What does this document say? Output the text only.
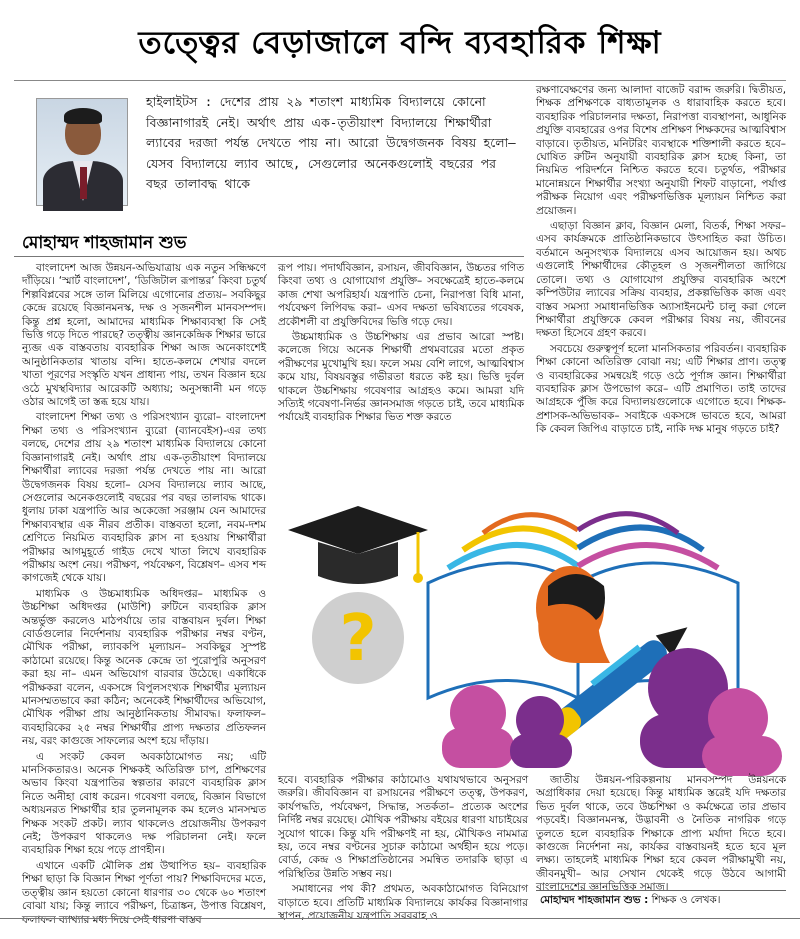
তত্ত্বের বেড়াজালে বন্দি ব্যবহারিক শিক্ষা
হাইলাইটস : দেশের প্রায় ২৯ শতাংশ মাধ্যমিক বিদ্যালয়ে কোনো বিজ্ঞানাগারই নেই। অর্থাৎ প্রায় এক-তৃতীয়াংশ বিদ্যালয়ে শিক্ষার্থীরা ল্যাবের দরজা পর্যন্ত দেখতে পায় না। আরো উদ্বেগজনক বিষয় হলো– যেসব বিদ্যালয়ে ল্যাব আছে, সেগুলোর অনেকগুলোই বছরের পর বছর তালাবদ্ধ থাকে
মোহাম্মদ শাহজামান শুভ

বাংলাদেশ আজ উন্নয়ন-অভিযাত্রায় এক নতুন সন্ধিক্ষণে দাঁড়িয়ে। ‘স্মার্ট বাংলাদেশ’, ‘ডিজিটাল রূপান্তর’ কিংবা চতুর্থ শিল্পবিপ্লবের সঙ্গে তাল মিলিয়ে এগোনোর প্রত্যয়– সবকিছুর কেন্দ্রে রয়েছে বিজ্ঞানমনস্ক, দক্ষ ও সৃজনশীল মানবসম্পদ। কিন্তু প্রশ্ন হলো, আমাদের মাধ্যমিক শিক্ষাব্যবস্থা কি সেই ভিত্তি গড়ে দিতে পারছে? তত্ত্বীয় জ্ঞানকেন্দ্রিক শিক্ষার ভারে ন্যুব্জ এক বাস্তবতায় ব্যবহারিক শিক্ষা আজ অনেকাংশেই আনুষ্ঠানিকতার খাতায় বন্দি। হাতে-কলমে শেখার বদলে খাতা পূরণের সংস্কৃতি যখন প্রাধান্য পায়, তখন বিজ্ঞান হয়ে ওঠে মুখস্থবিদ্যার আরেকটি অধ্যায়; অনুসন্ধানী মন গড়ে ওঠার আগেই তা স্তব্ধ হয়ে যায়।

বাংলাদেশ শিক্ষা তথ্য ও পরিসংখ্যান ব্যুরো– বাংলাদেশ শিক্ষা তথ্য ও পরিসংখ্যান ব্যুরো (ব্যানবেইস)-এর তথ্য বলছে, দেশের প্রায় ২৯ শতাংশ মাধ্যমিক বিদ্যালয়ে কোনো বিজ্ঞানাগারই নেই। অর্থাৎ প্রায় এক-তৃতীয়াংশ বিদ্যালয়ে শিক্ষার্থীরা ল্যাবের দরজা পর্যন্ত দেখতে পায় না। আরো উদ্বেগজনক বিষয় হলো– যেসব বিদ্যালয়ে ল্যাব আছে, সেগুলোর অনেকগুলোই বছরের পর বছর তালাবদ্ধ থাকে। ধুলায় ঢাকা যন্ত্রপাতি আর অকেজো সরঞ্জাম যেন আমাদের শিক্ষাব্যবস্থার এক নীরব প্রতীক। বাস্তবতা হলো, নবম-দশম শ্রেণিতে নিয়মিত ব্যবহারিক ক্লাস না হওয়ায় শিক্ষার্থীরা পরীক্ষার আগমুহূর্তে গাইড দেখে খাতা লিখে ব্যবহারিক পরীক্ষায় অংশ নেয়। পরীক্ষণ, পর্যবেক্ষণ, বিশ্লেষণ– এসব শব্দ কাগজেই থেকে যায়।

মাধ্যমিক ও উচ্চমাধ্যমিক অধিদপ্তর– মাধ্যমিক ও উচ্চশিক্ষা অধিদপ্তর (মাউশি) রুটিনে ব্যবহারিক ক্লাস অন্তর্ভুক্ত করলেও মাঠপর্যায়ে তার বাস্তবায়ন দুর্বল। শিক্ষা বোর্ডগুলোর নির্দেশনায় ব্যবহারিক পরীক্ষার নম্বর বণ্টন, মৌখিক পরীক্ষা, ল্যাবকপি মূল্যায়ন– সবকিছুর সুস্পষ্ট কাঠামো রয়েছে। কিন্তু অনেক কেন্দ্রে তা পুরোপুরি অনুসরণ করা হয় না– এমন অভিযোগ বারবার উঠেছে। একাধিকে পরীক্ষকরা বলেন, একসঙ্গে বিপুলসংখ্যক শিক্ষার্থীর মূল্যায়ন মানসম্মতভাবে করা কঠিন; অনেকেই শিক্ষার্থীদের অভিযোগ, মৌখিক পরীক্ষা প্রায় আনুষ্ঠানিকতায় সীমাবদ্ধ। ফলাফল– ব্যবহারিকের ২৫ নম্বর শিক্ষার্থীর প্রাপ্য দক্ষতার প্রতিফলন নয়, বরং কাগুজে সাফল্যের অংশ হয়ে দাঁড়ায়।

এ সংকট কেবল অবকাঠামোগত নয়; এটি মানসিকতারও। অনেক শিক্ষকই অতিরিক্ত চাপ, প্রশিক্ষণের অভাব কিংবা যন্ত্রপাতির স্বল্পতার কারণে ব্যবহারিক ক্লাস নিতে অনীহা বোধ করেন। গবেষণা বলছে, বিজ্ঞান বিভাগে অধ্যয়নরত শিক্ষার্থীর হার তুলনামূলক কম হলেও মানসম্মত শিক্ষক সংকট প্রকট। ল্যাব থাকলেও প্রয়োজনীয় উপকরণ নেই; উপকরণ থাকলেও দক্ষ পরিচালনা নেই। ফলে ব্যবহারিক শিক্ষা হয়ে পড়ে প্রাণহীন।

এখানে একটি মৌলিক প্রশ্ন উত্থাপিত হয়– ব্যবহারিক শিক্ষা ছাড়া কি বিজ্ঞান শিক্ষা পূর্ণতা পায়? শিক্ষাবিদদের মতে, তত্ত্বীয় জ্ঞান হয়তো কোনো ধারণার ৩০ থেকে ৬০ শতাংশ বোঝা যায়; কিন্তু ল্যাবে পরীক্ষণ, চিত্রাঙ্কন, উপাত্ত বিশ্লেষণ, ফলাফল ব্যাখ্যার মধ্য দিয়ে সেই ধারণা বাস্তব

রূপ পায়। পদার্থবিজ্ঞান, রসায়ন, জীববিজ্ঞান, উচ্চতর গণিত কিংবা তথ্য ও যোগাযোগ প্রযুক্তি– সবক্ষেত্রেই হাতে-কলমে কাজ শেখা অপরিহার্য। যন্ত্রপাতি চেনা, নিরাপত্তা বিধি মানা, পর্যবেক্ষণ লিপিবদ্ধ করা– এসব দক্ষতা ভবিষ্যতের গবেষক, প্রকৌশলী বা প্রযুক্তিবিদের ভিত্তি গড়ে দেয়।

উচ্চমাধ্যমিক ও উচ্চশিক্ষায় এর প্রভাব আরো স্পষ্ট। কলেজে গিয়ে অনেক শিক্ষার্থী প্রথমবারের মতো প্রকৃত পরীক্ষণের মুখোমুখি হয়। ফলে সময় বেশি লাগে, আত্মবিশ্বাস কমে যায়, বিষয়বস্তুর গভীরতা ধরতে কষ্ট হয়। ভিত্তি দুর্বল থাকলে উচ্চশিক্ষায় গবেষণার আগ্রহও কমে। আমরা যদি সত্যিই গবেষণা-নির্ভর জ্ঞানসমাজ গড়তে চাই, তবে মাধ্যমিক পর্যায়েই ব্যবহারিক শিক্ষার ভিত শক্ত করতে

রক্ষণাবেক্ষণের জন্য আলাদা বাজেট বরাদ্দ জরুরি। দ্বিতীয়ত, শিক্ষক প্রশিক্ষণকে বাধ্যতামূলক ও ধারাবাহিক করতে হবে। ব্যবহারিক পরিচালনার দক্ষতা, নিরাপত্তা ব্যবস্থাপনা, আধুনিক প্রযুক্তি ব্যবহারের ওপর বিশেষ প্রশিক্ষণ শিক্ষকদের আত্মবিশ্বাস বাড়াবে। তৃতীয়ত, মনিটরিং ব্যবস্থাকে শক্তিশালী করতে হবে– ঘোষিত রুটিন অনুযায়ী ব্যবহারিক ক্লাস হচ্ছে কিনা, তা নিয়মিত পরিদর্শনে নিশ্চিত করতে হবে। চতুর্থত, পরীক্ষার মানোন্নয়নে শিক্ষার্থীর সংখ্যা অনুযায়ী শিফট বাড়ানো, পর্যাপ্ত পরীক্ষক নিয়োগ এবং পরীক্ষণভিত্তিক মূল্যায়ন নিশ্চিত করা প্রয়োজন।

এছাড়া বিজ্ঞান ক্লাব, বিজ্ঞান মেলা, বিতর্ক, শিক্ষা সফর– এসব কার্যক্রমকে প্রাতিষ্ঠানিকভাবে উৎসাহিত করা উচিত। বর্তমানে অনুসংখ্যক বিদ্যালয়ে এসব আয়োজন হয়। অথচ এগুলোই শিক্ষার্থীদের কৌতূহল ও সৃজনশীলতা জাগিয়ে তোলে। তথ্য ও যোগাযোগ প্রযুক্তির ব্যবহারিক অংশে কম্পিউটার ল্যাবের সক্রিয় ব্যবহার, প্রকল্পভিত্তিক কাজ এবং বাস্তব সমস্যা সমাধানভিত্তিক অ্যাসাইনমেন্ট চালু করা গেলে শিক্ষার্থীরা প্রযুক্তিকে কেবল পরীক্ষার বিষয় নয়, জীবনের দক্ষতা হিসেবে গ্রহণ করবে।

সবচেয়ে গুরুত্বপূর্ণ হলো মানসিকতার পরিবর্তন। ব্যবহারিক শিক্ষা কোনো অতিরিক্ত বোঝা নয়; এটি শিক্ষার প্রাণ। তত্ত্ব ও ব্যবহারিকের সমন্বয়েই গড়ে ওঠে পূর্ণাঙ্গ জ্ঞান। শিক্ষার্থীরা ব্যবহারিক ক্লাস উপভোগ করে– এটি প্রমাণিত। তাই তাদের আগ্রহকে পুঁজি করে বিদ্যালয়গুলোকে এগোতে হবে। শিক্ষক-প্রশাসক-অভিভাবক– সবাইকে একসঙ্গে ভাবতে হবে, আমরা কি কেবল জিপিএ বাড়াতে চাই, নাকি দক্ষ মানুষ গড়তে চাই?

?

হবে। ব্যবহারিক পরীক্ষার কাঠামোও যথাযথভাবে অনুসরণ জরুরি। জীববিজ্ঞান বা রসায়নের পরীক্ষণে তত্ত্ব, উপকরণ, কার্যপদ্ধতি, পর্যবেক্ষণ, সিদ্ধান্ত, সতর্কতা– প্রত্যেক অংশের নির্দিষ্ট নম্বর রয়েছে। মৌখিক পরীক্ষায় বইয়ের ধারণা যাচাইয়ের সুযোগ থাকে। কিন্তু যদি পরীক্ষণই না হয়, মৌখিকও নামমাত্র হয়, তবে নম্বর বণ্টনের সুচারু কাঠামো অর্থহীন হয়ে পড়ে। বোর্ড, কেন্দ্র ও শিক্ষাপ্রতিষ্ঠানের সমন্বিত তদারকি ছাড়া এ পরিস্থিতির উন্নতি সম্ভব নয়।

সমাধানের পথ কী? প্রথমত, অবকাঠামোগত বিনিয়োগ বাড়াতে হবে। প্রতিটি মাধ্যমিক বিদ্যালয়ে কার্যকর বিজ্ঞানাগার স্থাপন, প্রয়োজনীয় যন্ত্রপাতি সরবরাহ ও

জাতীয় উন্নয়ন-পরিকল্পনায় মানবসম্পদ উন্নয়নকে অগ্রাধিকার দেয়া হয়েছে। কিন্তু মাধ্যমিক স্তরেই যদি দক্ষতার ভিত দুর্বল থাকে, তবে উচ্চশিক্ষা ও কর্মক্ষেত্রে তার প্রভাব পড়বেই। বিজ্ঞানমনস্ক, উদ্ভাবনী ও নৈতিক নাগরিক গড়ে তুলতে হলে ব্যবহারিক শিক্ষাকে প্রাপ্য মর্যাদা দিতে হবে। কাগুজে নির্দেশনা নয়, কার্যকর বাস্তবায়নই হতে হবে মূল লক্ষ্য। তাহলেই মাধ্যমিক শিক্ষা হবে কেবল পরীক্ষামুখী নয়, জীবনমুখী– আর সেখান থেকেই গড়ে উঠবে আগামী বাংলাদেশের জ্ঞানভিত্তিক সমাজ।

মোহাম্মদ শাহজামান শুভ : শিক্ষক ও লেখক।
